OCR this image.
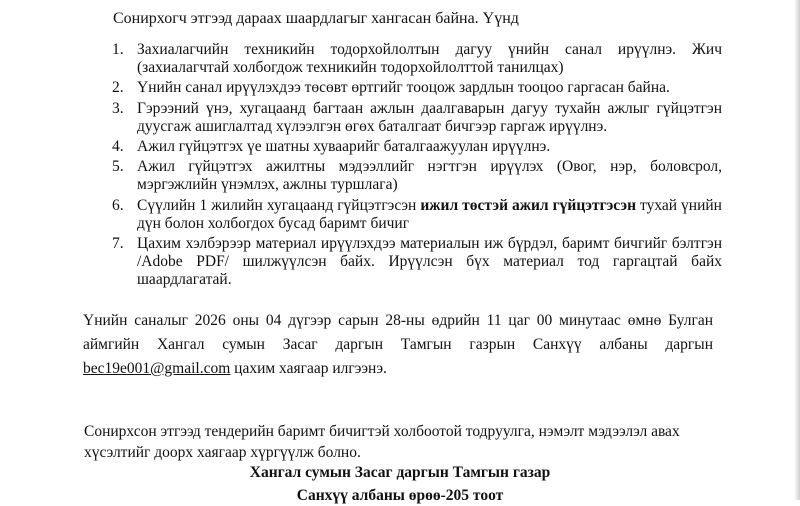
Сонирхогч этгээд дараах шаардлагыг хангасан байна. Үүнд
1. Захиалагчийн техникийн тодорхойлолтын дагуу үнийн санал ирүүлнэ. Жич (захиалагчтай холбогдож техникийн тодорхойлолттой танилцах)
2. Үнийн санал ирүүлэхдээ төсөвт өртгийг тооцож зардлын тооцоо гаргасан байна.
3. Гэрээний үнэ, хугацаанд багтаан ажлын даалгаварын дагуу тухайн ажлыг гүйцэтгэн дуусгаж ашиглалтад хүлээлгэн өгөх баталгаат бичгээр гаргаж ирүүлнэ.
4. Ажил гүйцэтгэх үе шатны хуваарийг баталгаажуулан ирүүлнэ.
5. Ажил гүйцэтгэх ажилтны мэдээллийг нэгтгэн ирүүлэх (Овог, нэр, боловсрол, мэргэжлийн үнэмлэх, ажлны туршлага)
6. Сүүлийн 1 жилийн хугацаанд гүйцэтгэсэн ижил төстэй ажил гүйцэтгэсэн тухай үнийн дүн болон холбогдох бусад баримт бичиг
7. Цахим хэлбэрээр материал ирүүлэхдээ материалын иж бүрдэл, баримт бичгийг бэлтгэн /Adobe PDF/ шилжүүлсэн байх. Ирүүлсэн бүх материал тод гаргацтай байх шаардлагатай.
Үнийн саналыг 2026 оны 04 дүгээр сарын 28-ны өдрийн 11 цаг 00 минутаас өмнө Булган аймгийн Хангал сумын Засаг даргын Тамгын газрын Санхүү албаны даргын bec19e001@gmail.com цахим хаягаар илгээнэ.
Сонирхсон этгээд тендерийн баримт бичигтэй холбоотой тодруулга, нэмэлт мэдээлэл авах хүсэлтийг доорх хаягаар хүргүүлж болно.
Хангал сумын Засаг даргын Тамгын газар
Санхүү албаны өрөө-205 тоот
